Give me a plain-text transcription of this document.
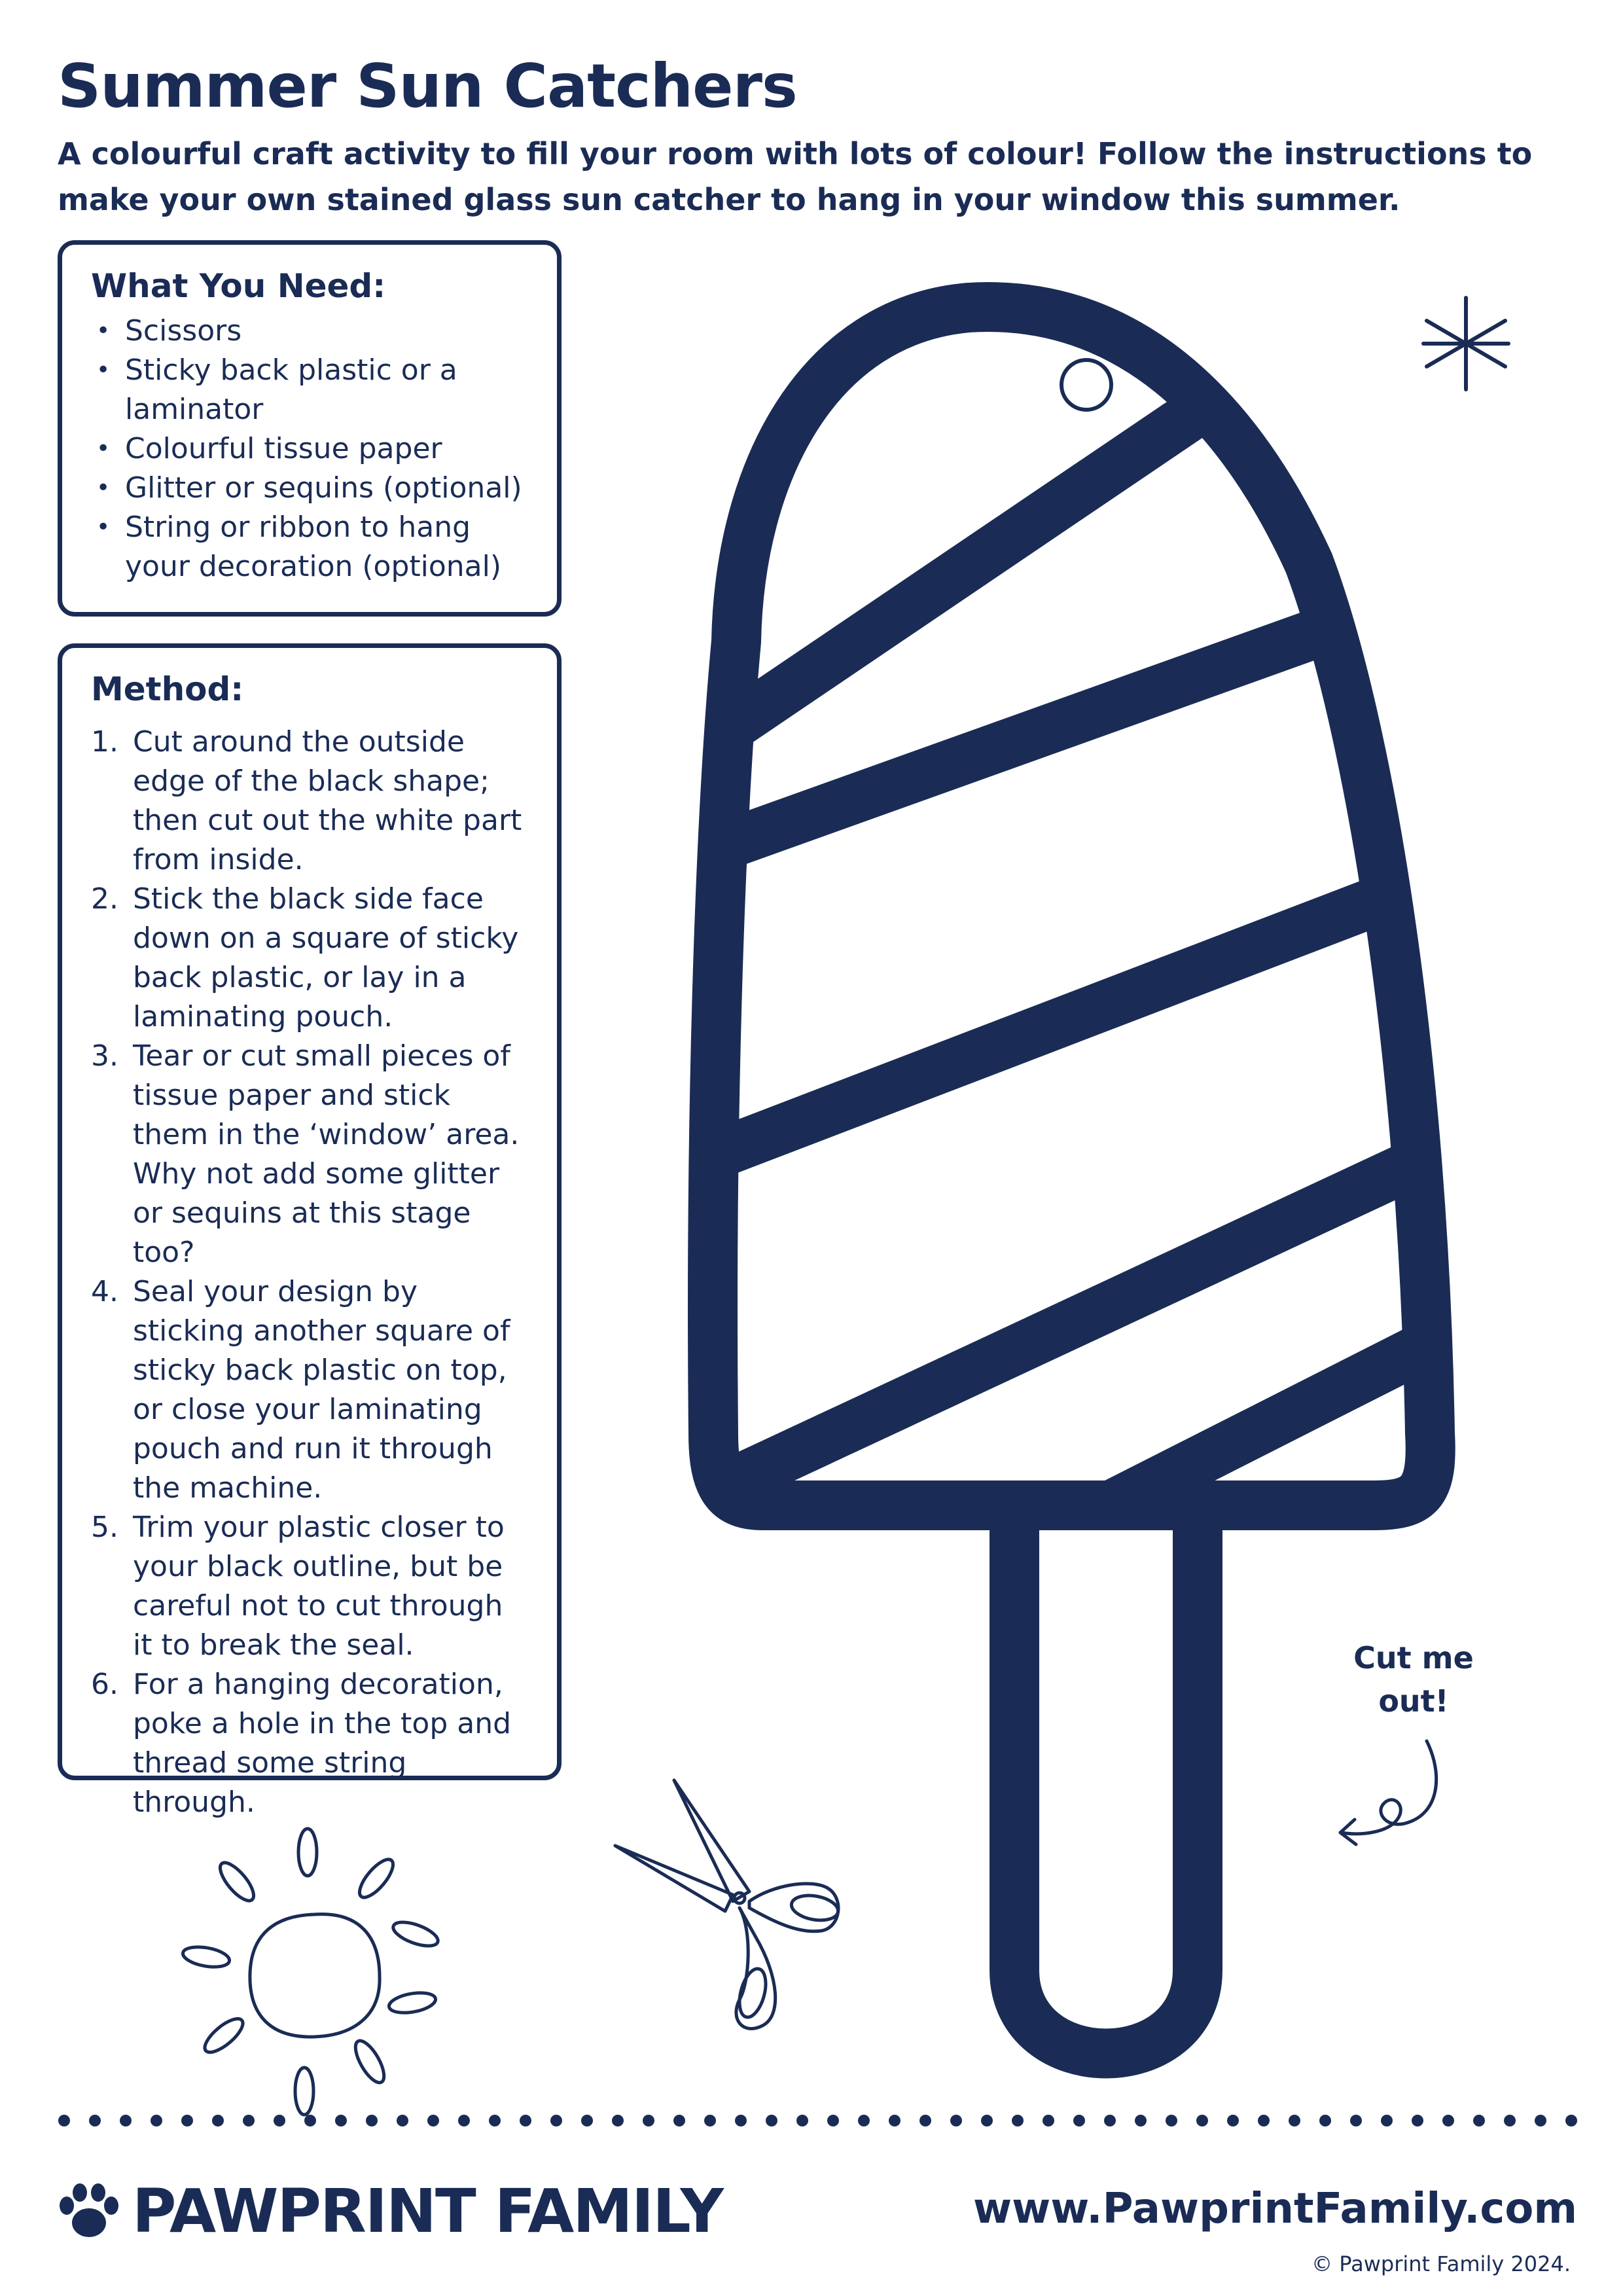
Summer Sun Catchers

A colourful craft activity to fill your room with lots of colour! Follow the instructions to make your own stained glass sun catcher to hang in your window this summer.

What You Need:
• Scissors
• Sticky back plastic or a laminator
• Colourful tissue paper
• Glitter or sequins (optional)
• String or ribbon to hang your decoration (optional)
Method:
1. Cut around the outside edge of the black shape; then cut out the white part from inside.
2. Stick the black side face down on a square of sticky back plastic, or lay in a laminating pouch.
3. Tear or cut small pieces of tissue paper and stick them in the ‘window’ area. Why not add some glitter or sequins at this stage too?
4. Seal your design by sticking another square of sticky back plastic on top, or close your laminating pouch and run it through the machine.
5. Trim your plastic closer to your black outline, but be careful not to cut through it to break the seal.
6. For a hanging decoration, poke a hole in the top and thread some string through.
Cut me
out!
PAWPRINT FAMILY	www.PawprintFamily.com
© Pawprint Family 2024.
